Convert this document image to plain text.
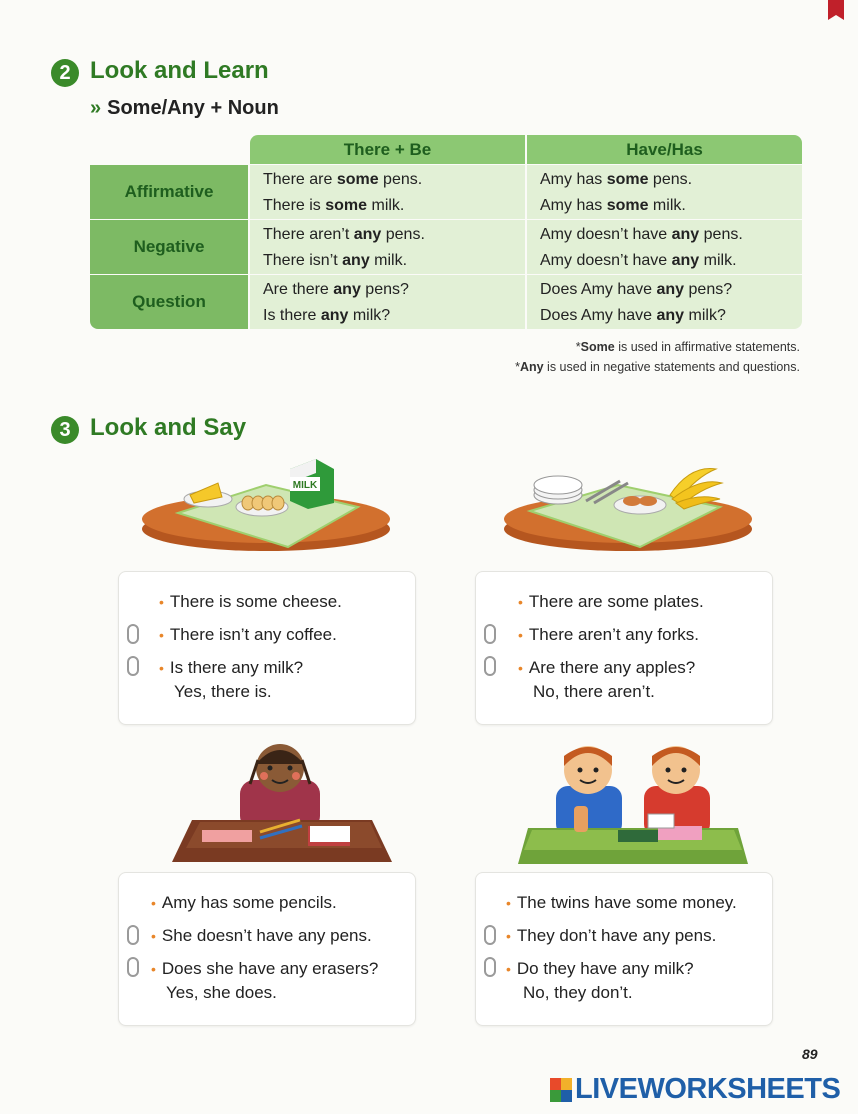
2 Look and Learn
» Some/Any + Noun
There + Be	Have/Has
Affirmative
There are some pens.
There is some milk.
Amy has some pens.
Amy has some milk.
Negative
There aren’t any pens.
There isn’t any milk.
Amy doesn’t have any pens.
Amy doesn’t have any milk.
Question
Are there any pens?
Is there any milk?
Does Amy have any pens?
Does Amy have any milk?
*Some is used in affirmative statements.
*Any is used in negative statements and questions.
3 Look and Say
MILK
• There is some cheese.
• There isn’t any coffee.
• Is there any milk?
Yes, there is.
• There are some plates.
• There aren’t any forks.
• Are there any apples?
No, there aren’t.
• Amy has some pencils.
• She doesn’t have any pens.
• Does she have any erasers?
Yes, she does.
• The twins have some money.
• They don’t have any pens.
• Do they have any milk?
No, they don’t.
89
LIVEWORKSHEETS
